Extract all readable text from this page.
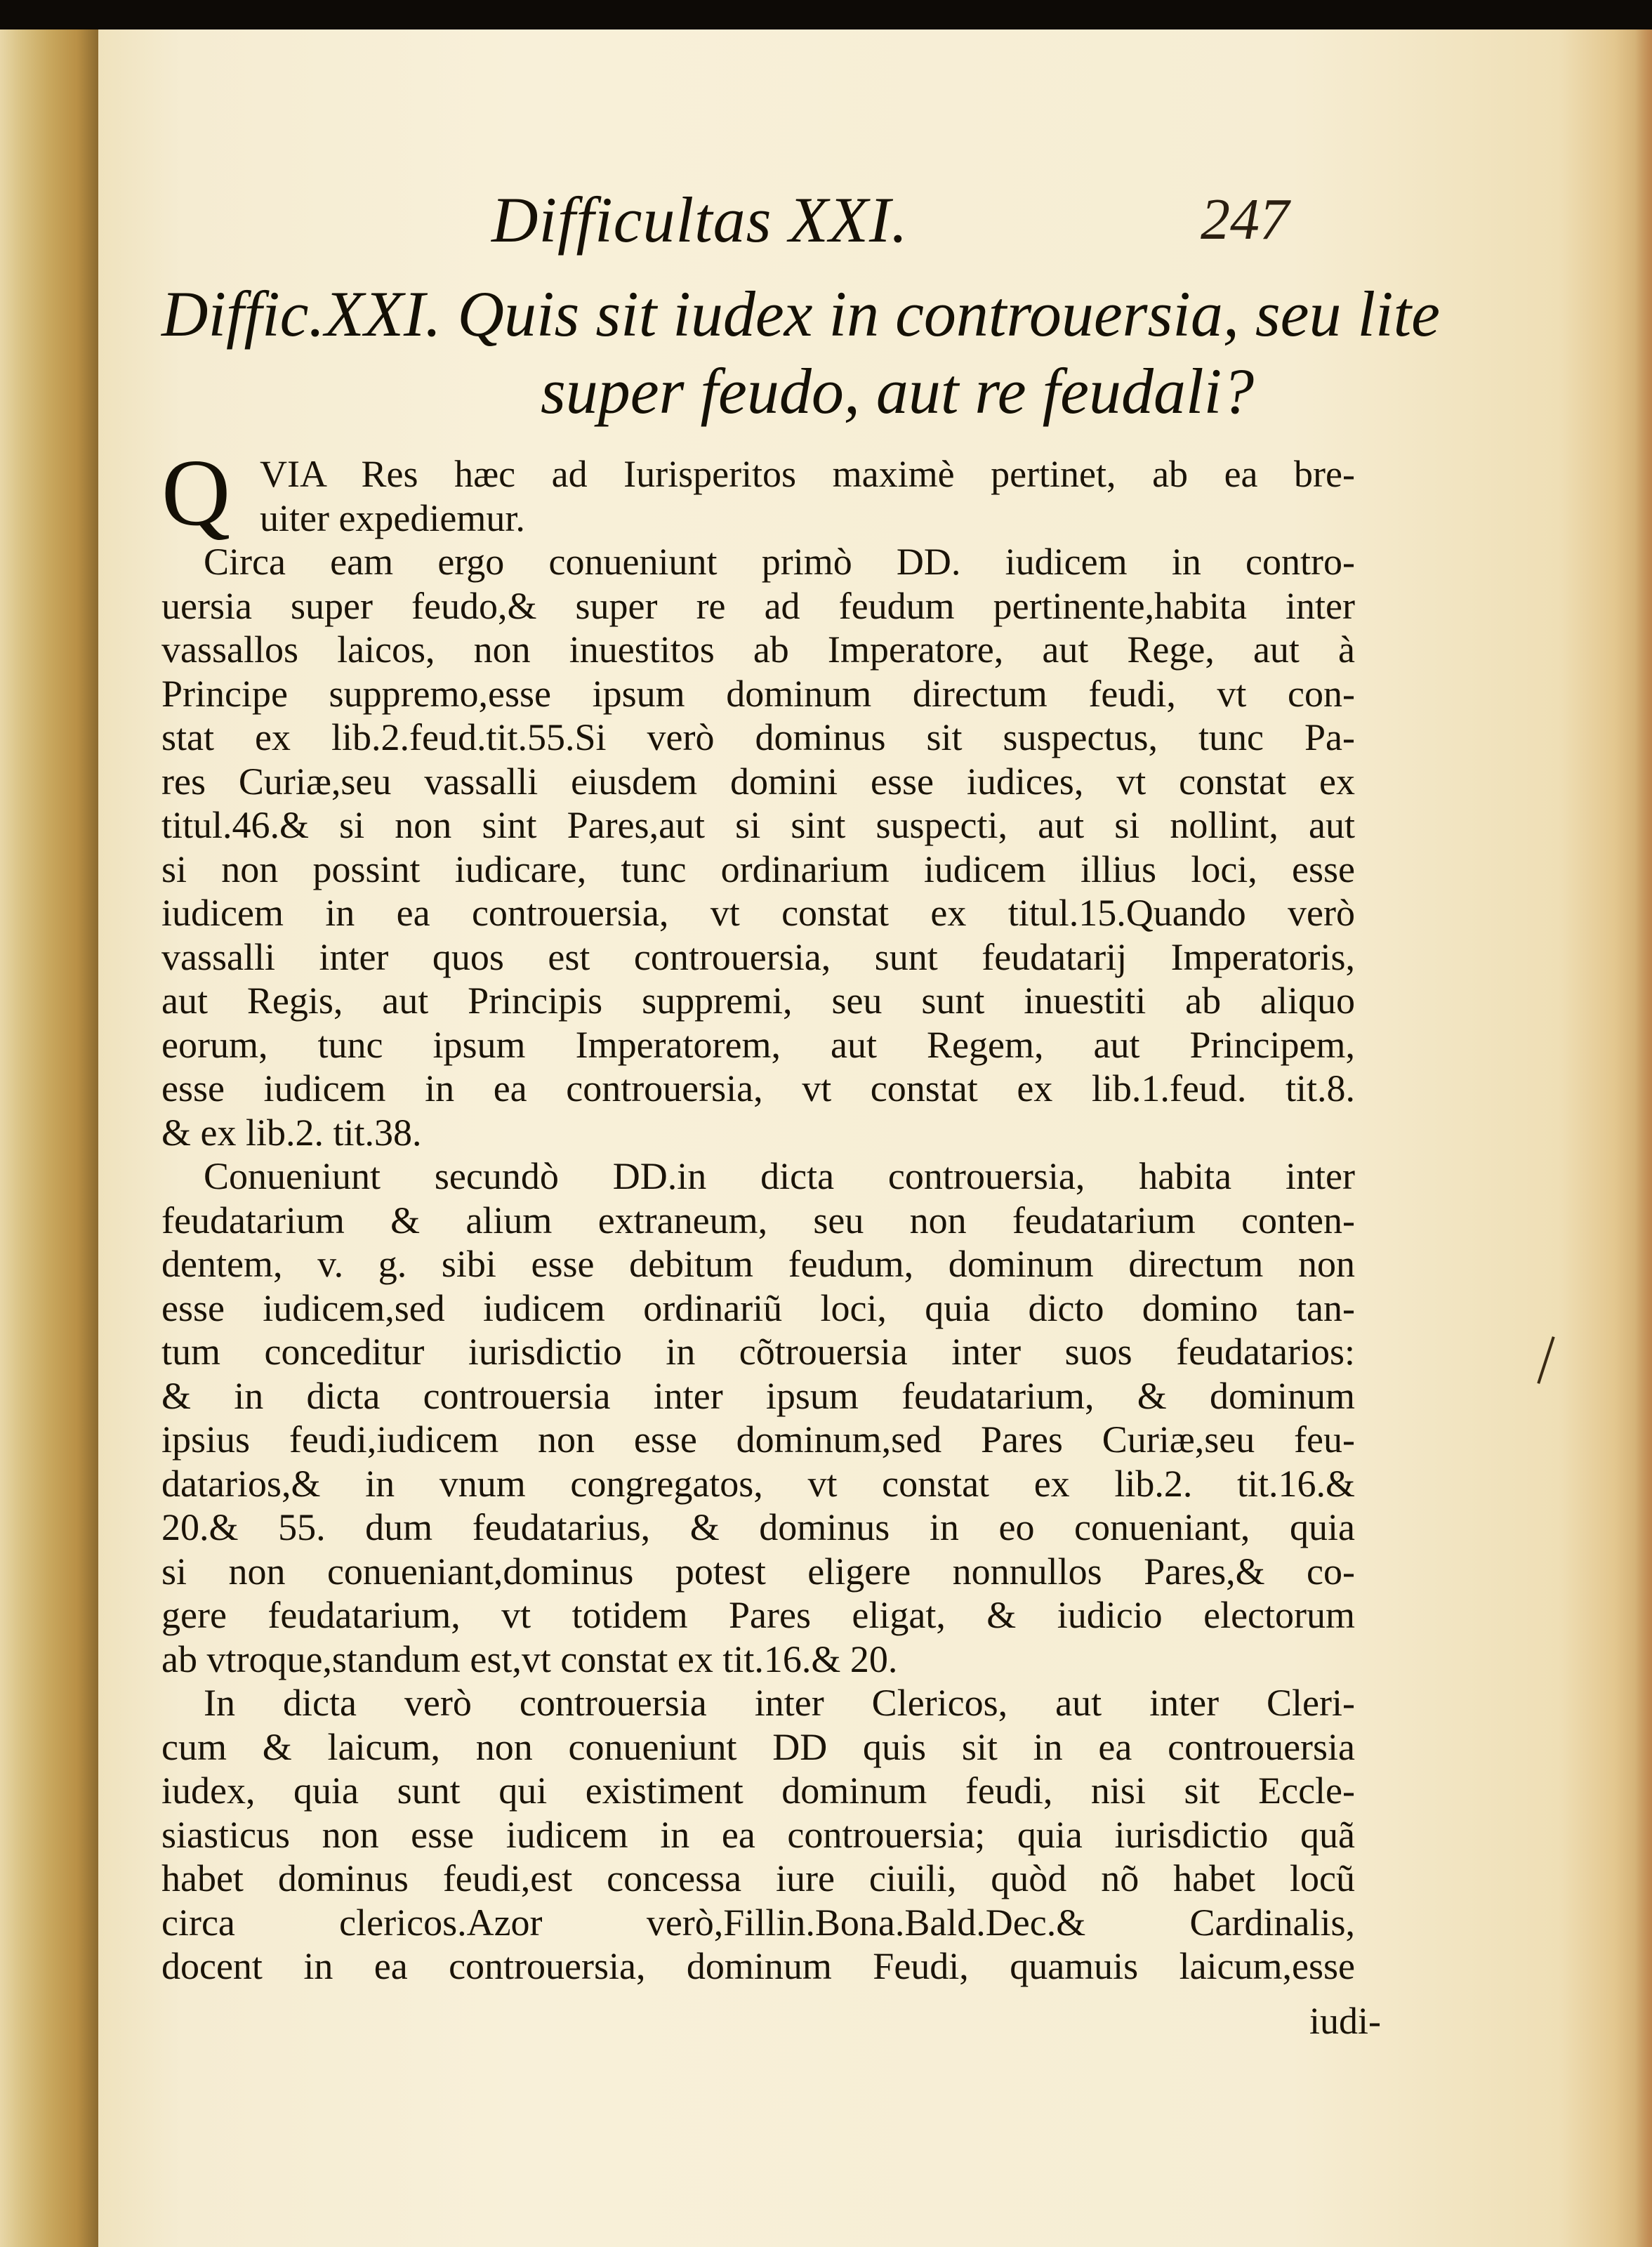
Difficultas XXI.	247
Diffic.XXI. Quis sit iudex in controuersia, seu lite
super feudo, aut re feudali?
Q VIA Res hæc ad Iurisperitos maximè pertinet, ab ea bre-
uiter expediemur.
Circa eam ergo conueniunt primò DD. iudicem in contro-
uersia super feudo,& super re ad feudum pertinente,habita inter
vassallos laicos, non inuestitos ab Imperatore, aut Rege, aut à
Principe suppremo,esse ipsum dominum directum feudi, vt con-
stat ex lib.2.feud.tit.55.Si verò dominus sit suspectus, tunc Pa-
res Curiæ,seu vassalli eiusdem domini esse iudices, vt constat ex
titul.46.& si non sint Pares,aut si sint suspecti, aut si nollint, aut
si non possint iudicare, tunc ordinarium iudicem illius loci, esse
iudicem in ea controuersia, vt constat ex titul.15.Quando verò
vassalli inter quos est controuersia, sunt feudatarij Imperatoris,
aut Regis, aut Principis suppremi, seu sunt inuestiti ab aliquo
eorum, tunc ipsum Imperatorem, aut Regem, aut Principem,
esse iudicem in ea controuersia, vt constat ex lib.1.feud. tit.8.
& ex lib.2. tit.38.
Conueniunt secundò DD.in dicta controuersia, habita inter
feudatarium & alium extraneum, seu non feudatarium conten-
dentem, v. g. sibi esse debitum feudum, dominum directum non
esse iudicem,sed iudicem ordinariũ loci, quia dicto domino tan-
tum conceditur iurisdictio in cõtrouersia inter suos feudatarios:
& in dicta controuersia inter ipsum feudatarium, & dominum
ipsius feudi,iudicem non esse dominum,sed Pares Curiæ,seu feu-
datarios,& in vnum congregatos, vt constat ex lib.2. tit.16.&
20.& 55. dum feudatarius, & dominus in eo conueniant, quia
si non conueniant,dominus potest eligere nonnullos Pares,& co-
gere feudatarium, vt totidem Pares eligat, & iudicio electorum
ab vtroque,standum est,vt constat ex tit.16.& 20.
In dicta verò controuersia inter Clericos, aut inter Cleri-
cum & laicum, non conueniunt DD quis sit in ea controuersia
iudex, quia sunt qui existiment dominum feudi, nisi sit Eccle-
siasticus non esse iudicem in ea controuersia; quia iurisdictio quã
habet dominus feudi,est concessa iure ciuili, quòd nõ habet locũ
circa clericos.Azor verò,Fillin.Bona.Bald.Dec.& Cardinalis,
docent in ea controuersia, dominum Feudi, quamuis laicum,esse
iudi-
